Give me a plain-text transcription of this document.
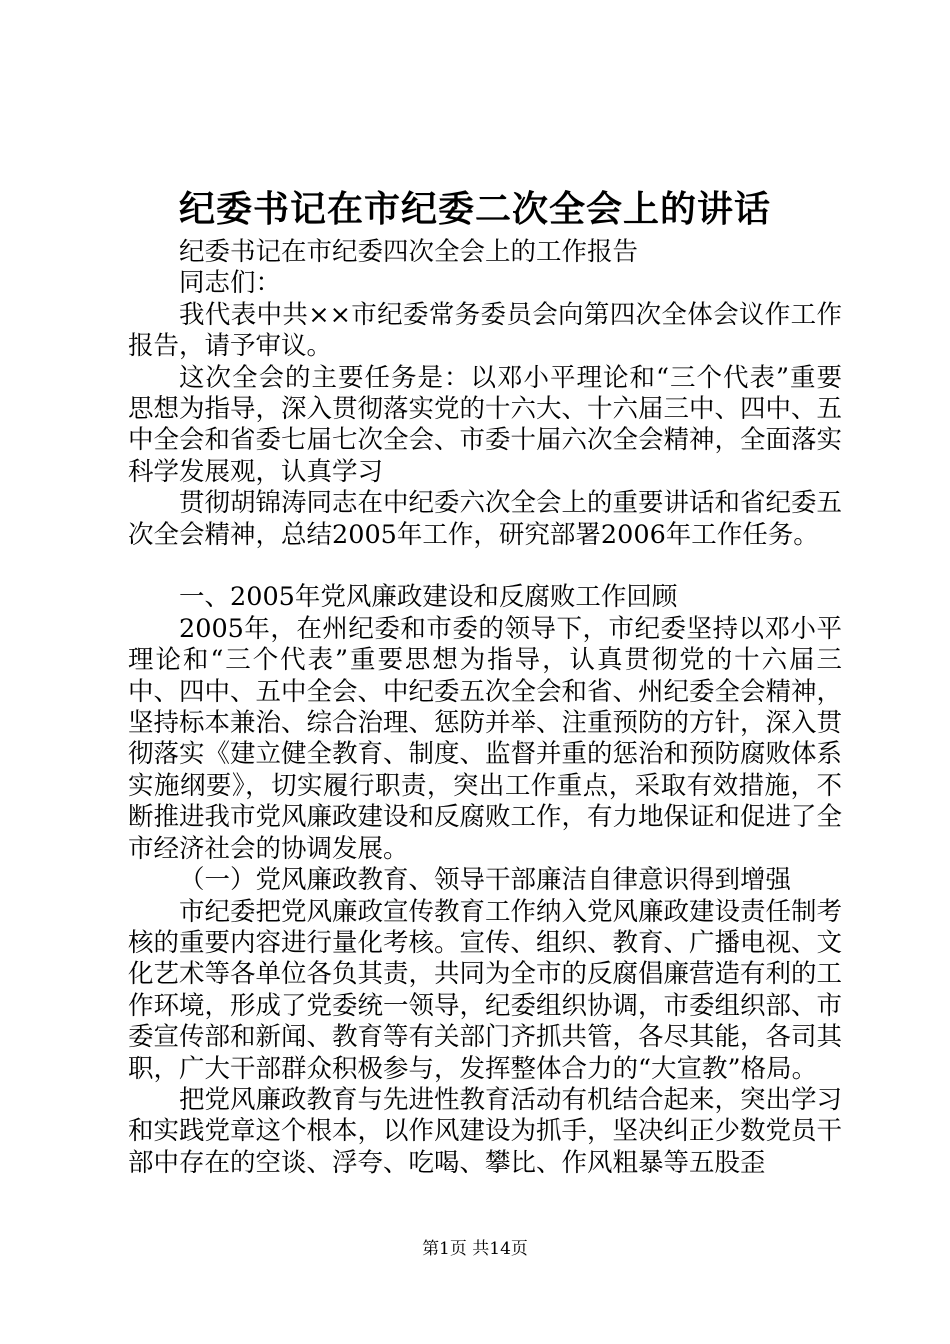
纪委书记在市纪委二次全会上的讲话

纪委书记在市纪委四次全会上的工作报告

同志们：

我代表中共××市纪委常务委员会向第四次全体会议作工作报告，请予审议。

这次全会的主要任务是：以邓小平理论和“三个代表”重要思想为指导，深入贯彻落实党的十六大、十六届三中、四中、五中全会和省委七届七次全会、市委十届六次全会精神，全面落实科学发展观，认真学习

贯彻胡锦涛同志在中纪委六次全会上的重要讲话和省纪委五次全会精神，总结2005年工作，研究部署2006年工作任务。

一、2005年党风廉政建设和反腐败工作回顾

2005年，在州纪委和市委的领导下，市纪委坚持以邓小平理论和“三个代表”重要思想为指导，认真贯彻党的十六届三中、四中、五中全会、中纪委五次全会和省、州纪委全会精神，坚持标本兼治、综合治理、惩防并举、注重预防的方针，深入贯彻落实《建立健全教育、制度、监督并重的惩治和预防腐败体系实施纲要》，切实履行职责，突出工作重点，采取有效措施，不断推进我市党风廉政建设和反腐败工作，有力地保证和促进了全市经济社会的协调发展。

（一）党风廉政教育、领导干部廉洁自律意识得到增强

市纪委把党风廉政宣传教育工作纳入党风廉政建设责任制考核的重要内容进行量化考核。宣传、组织、教育、广播电视、文化艺术等各单位各负其责，共同为全市的反腐倡廉营造有利的工作环境，形成了党委统一领导，纪委组织协调，市委组织部、市委宣传部和新闻、教育等有关部门齐抓共管，各尽其能，各司其职，广大干部群众积极参与，发挥整体合力的“大宣教”格局。

把党风廉政教育与先进性教育活动有机结合起来，突出学习和实践党章这个根本，以作风建设为抓手，坚决纠正少数党员干部中存在的空谈、浮夸、吃喝、攀比、作风粗暴等五股歪

第1页 共14页
